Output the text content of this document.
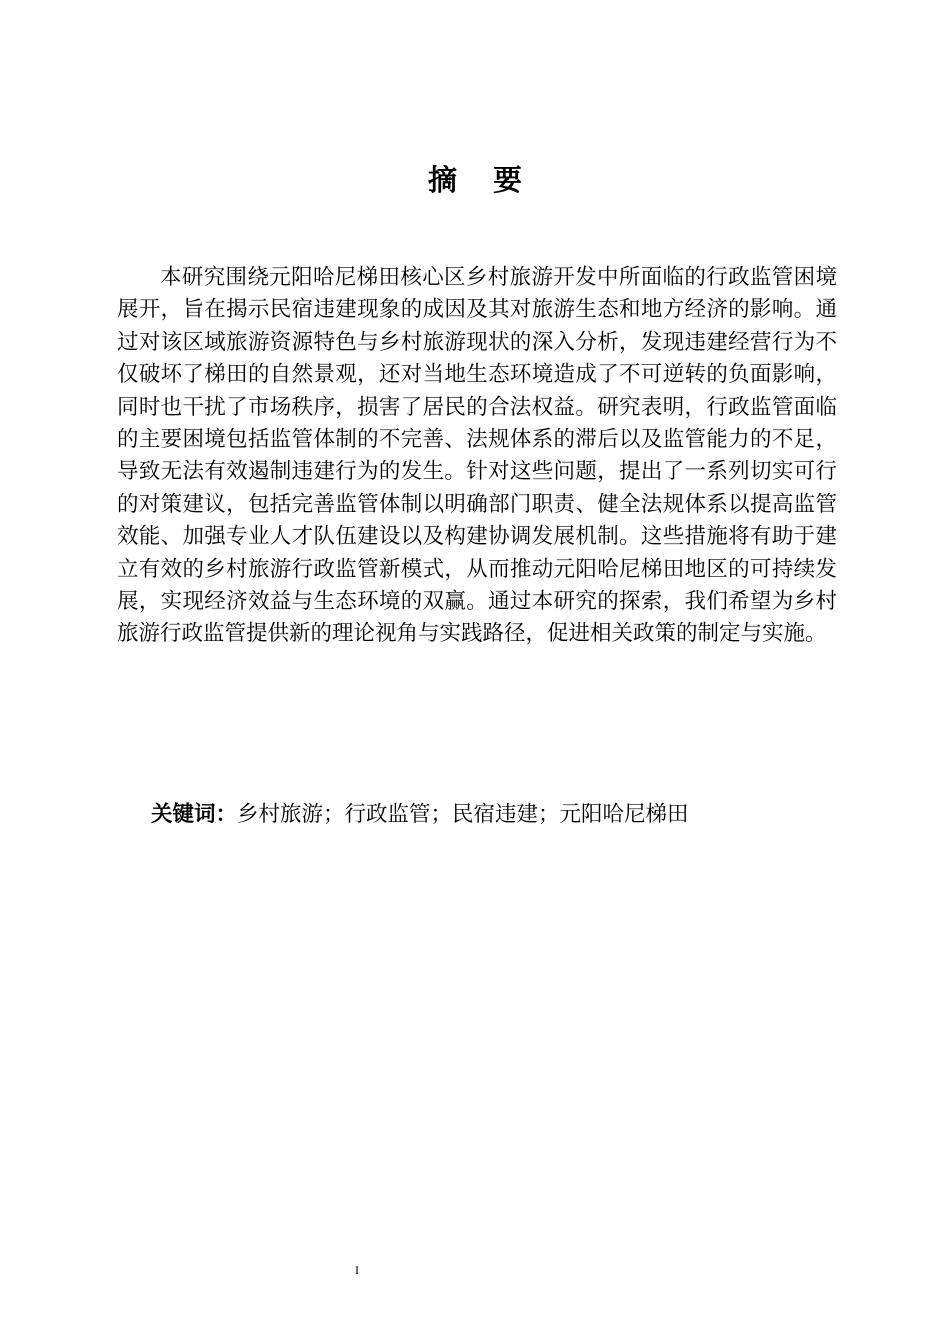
摘 要

本研究围绕元阳哈尼梯田核心区乡村旅游开发中所面临的行政监管困境展开，旨在揭示民宿违建现象的成因及其对旅游生态和地方经济的影响。通过对该区域旅游资源特色与乡村旅游现状的深入分析，发现违建经营行为不仅破坏了梯田的自然景观，还对当地生态环境造成了不可逆转的负面影响，同时也干扰了市场秩序，损害了居民的合法权益。研究表明，行政监管面临的主要困境包括监管体制的不完善、法规体系的滞后以及监管能力的不足，导致无法有效遏制违建行为的发生。针对这些问题，提出了一系列切实可行的对策建议，包括完善监管体制以明确部门职责、健全法规体系以提高监管效能、加强专业人才队伍建设以及构建协调发展机制。这些措施将有助于建立有效的乡村旅游行政监管新模式，从而推动元阳哈尼梯田地区的可持续发展，实现经济效益与生态环境的双赢。通过本研究的探索，我们希望为乡村旅游行政监管提供新的理论视角与实践路径，促进相关政策的制定与实施。

关键词：乡村旅游；行政监管；民宿违建；元阳哈尼梯田

I
